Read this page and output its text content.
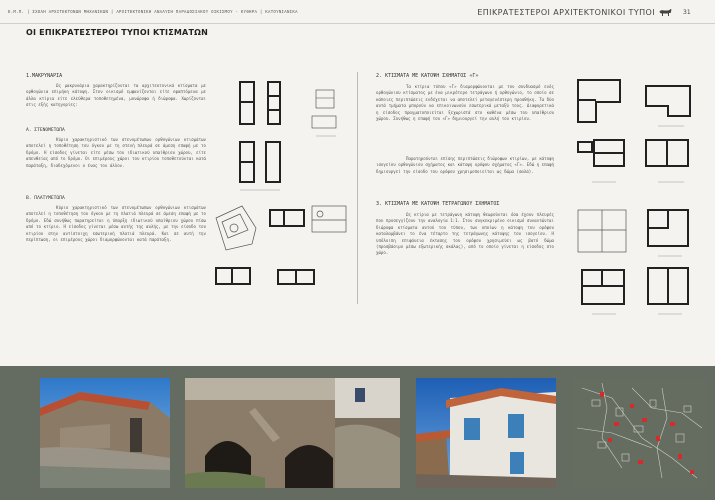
Ε.Μ.Π. | ΣΧΟΛΗ ΑΡΧΙΤΕΚΤΟΝΩΝ ΜΗΧΑΝΙΚΩΝ | ΑΡΧΙΤΕΚΤΟΝΙΚΗ ΑΝΑΛΥΣΗ ΠΑΡΑΔΟΣΙΑΚΟΥ ΟΙΚΙΣΜΟΥ - ΚΥΘΗΡΑ | ΚΑΤΟΥΝΙΑΝΙΚΑ	ΕΠΙΚΡΑΤΕΣΤΕΡΟΙ ΑΡΧΙΤΕΚΤΟΝΙΚΟΙ ΤΥΠΟΙ	31
ΟΙ ΕΠΙΚΡΑΤΕΣΤΕΡΟΙ ΤΥΠΟΙ ΚΤΙΣΜΑΤΩΝ
1.ΜΑΚΡΥΝΑΡΙΑ
Ως μακρυνάρια χαρακτηρίζονται τα αρχιτεκτονικά κτίσματα με ορθογώνια επιμήκη κάτοψη. Στον οικισμό εμφανίζονται είτε εφαπτόμενα με άλλα κτίρια είτε ελεύθερα τοποθετημένα, μονώροφα ή διώροφα. Χωρίζονται στις εξής κατηγορίες:
Α. ΣΤΕΝΟΜΕΤΩΠΑ
Κύριο χαρακτηριστικό των στενομέτωπων ορθογώνιων κτισμάτων αποτελεί η τοποθέτηση του όγκου με τη στενή πλευρά σε άμεση επαφή με το δρόμο. Η είσοδος γίνεται είτε μέσω του ιδιωτικού υπαίθριου χώρου, είτε απευθείας από το δρόμο. Οι επιμέρους χώροι του κτιρίου τοποθετούνται κατά παράταξη, διαδεχόμενοι ο ένας τον άλλον.
Β. ΠΛΑΤΥΜΕΤΩΠΑ
Κύριο χαρακτηριστικό των στενομέτωπων ορθογώνιων κτισμάτων αποτελεί η τοποθέτηση του όγκου με τη πλατιά πλευρά σε άμεση επαφή με το δρόμο. Εδώ συνήθως παρατηρείται η ύπαρξη ιδιωτικού υπαίθριου χώρου πίσω από το κτίριο. Η είσοδος γίνεται μέσω αυτής της αυλής, με την είσοδο του κτιρίου στην αντίστοιχη εσωτερική πλατιά πλευρά. Και σε αυτή την περίπτωση, οι επιμέρους χώροι διαμορφώνονται κατά παράταξη.
2. ΚΤΙΣΜΑΤΑ ΜΕ ΚΑΤΟΨΗ ΣΧΗΜΑΤΟΣ «Γ»
Τα κτίρια τύπου «Γ» διαμορφώνονται με τον συνδυασμό ενός ορθογώνιου κτίσματος με ένα μικρότερο τετράγωνο ή ορθογώνιο, το οποίο σε κάποιες περιπτώσεις ενδέχεται να αποτελεί μεταγενέστερη προσθήκη. Τα δύο αυτά τμήματα μπορούν να επικοινωνούν εσωτερικά μεταξύ τους. Διαφορετικά η είσοδος πραγματοποιείται ξεχωριστά στο καθένα μέσω του υπαίθριου χώρου. Συνήθως η επαφή του «Γ» δημιουργεί την αυλή του κτιρίου.
Παρατηρούνται επίσης περιπτώσεις διώροφων κτιρίων, με κάτοψη ισογείου ορθογώνιου σχήματος και κάτοψη ορόφου σχήματος «Γ». Εδώ η επαφή δημιουργεί την είσοδο του ορόφου χρησιμοποιείται ως δώμα (σαλά).
3. ΚΤΙΣΜΑΤΑ ΜΕ ΚΑΤΟΨΗ ΤΕΤΡΑΓΩΝΟΥ ΣΧΗΜΑΤΟΣ
Ως κτίρια με τετράγωνη κάτοψη θεωρούνται όσα έχουν πλευρές που προσεγγίζουν την αναλογία 1:1. Στον συγκεκριμένο οικισμό συναντώνται διώροφα κτίσματα αυτού του τύπου, των οποίων η κάτοψη του ορόφου καταλαμβάνει το ένα τέταρτο της τετράγωνης κάτοψης του ισογείου. Η υπόλοιπη επιφάνεια έκτασης του ορόφου χρησιμεύει ως βατό δώμα (προσβάσιμο μέσω εξωτερικής σκάλας), από το οποίο γίνεται η είσοδος στο χώρο.
